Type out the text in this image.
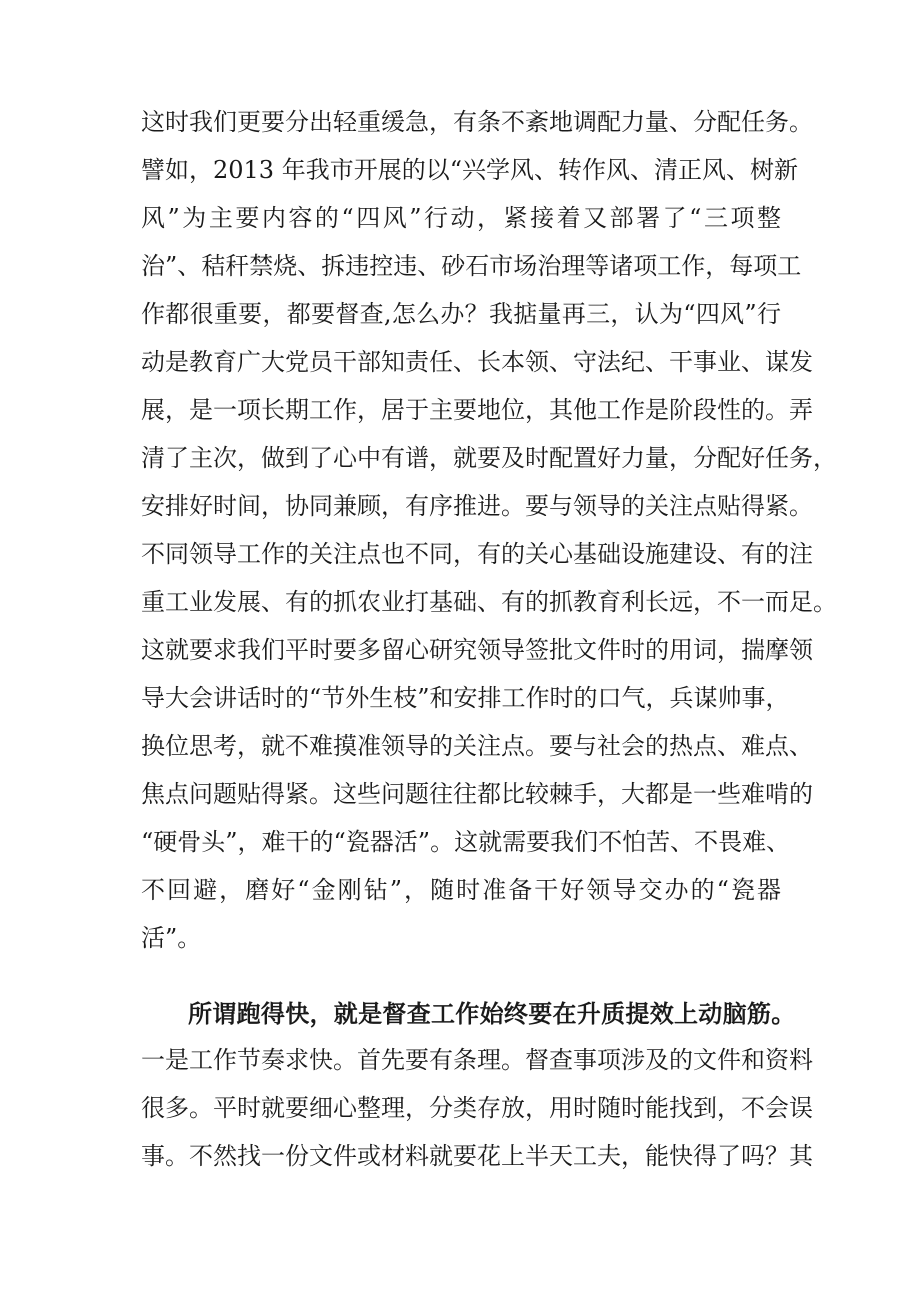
这时我们更要分出轻重缓急，有条不紊地调配力量、分配任务。
譬如，2013 年我市开展的以“兴学风、转作风、清正风、树新
风”为主要内容的“四风”行动，紧接着又部署了“三项整
治”、秸秆禁烧、拆违控违、砂石市场治理等诸项工作，每项工
作都很重要，都要督查,怎么办？我掂量再三，认为“四风”行
动是教育广大党员干部知责任、长本领、守法纪、干事业、谋发
展，是一项长期工作，居于主要地位，其他工作是阶段性的。弄
清了主次，做到了心中有谱，就要及时配置好力量，分配好任务，
安排好时间，协同兼顾，有序推进。要与领导的关注点贴得紧。
不同领导工作的关注点也不同，有的关心基础设施建设、有的注
重工业发展、有的抓农业打基础、有的抓教育利长远，不一而足。
这就要求我们平时要多留心研究领导签批文件时的用词，揣摩领
导大会讲话时的“节外生枝”和安排工作时的口气，兵谋帅事，
换位思考，就不难摸准领导的关注点。要与社会的热点、难点、
焦点问题贴得紧。这些问题往往都比较棘手，大都是一些难啃的
“硬骨头”，难干的“瓷器活”。这就需要我们不怕苦、不畏难、
不回避，磨好“金刚钻”，随时准备干好领导交办的“瓷器
活”。
所谓跑得快，就是督查工作始终要在升质提效上动脑筋。
一是工作节奏求快。首先要有条理。督查事项涉及的文件和资料
很多。平时就要细心整理，分类存放，用时随时能找到，不会误
事。不然找一份文件或材料就要花上半天工夫，能快得了吗？其
